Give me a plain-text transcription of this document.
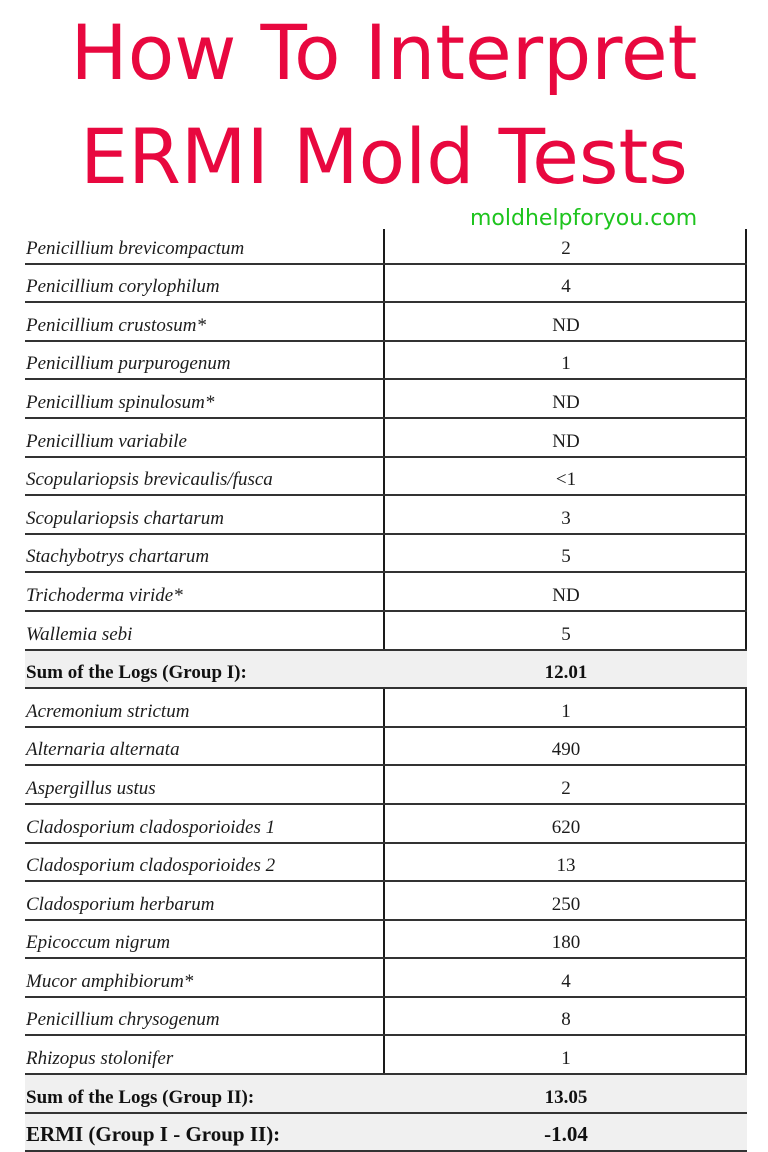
How To Interpret
ERMI Mold Tests
moldhelpforyou.com
Penicillium brevicompactum	2
Penicillium corylophilum	4
Penicillium crustosum*	ND
Penicillium purpurogenum	1
Penicillium spinulosum*	ND
Penicillium variabile	ND
Scopulariopsis brevicaulis/fusca	<1
Scopulariopsis chartarum	3
Stachybotrys chartarum	5
Trichoderma viride*	ND
Wallemia sebi	5
Sum of the Logs (Group I):	12.01
Acremonium strictum	1
Alternaria alternata	490
Aspergillus ustus	2
Cladosporium cladosporioides 1	620
Cladosporium cladosporioides 2	13
Cladosporium herbarum	250
Epicoccum nigrum	180
Mucor amphibiorum*	4
Penicillium chrysogenum	8
Rhizopus stolonifer	1
Sum of the Logs (Group II):	13.05
ERMI (Group I - Group II):	-1.04
